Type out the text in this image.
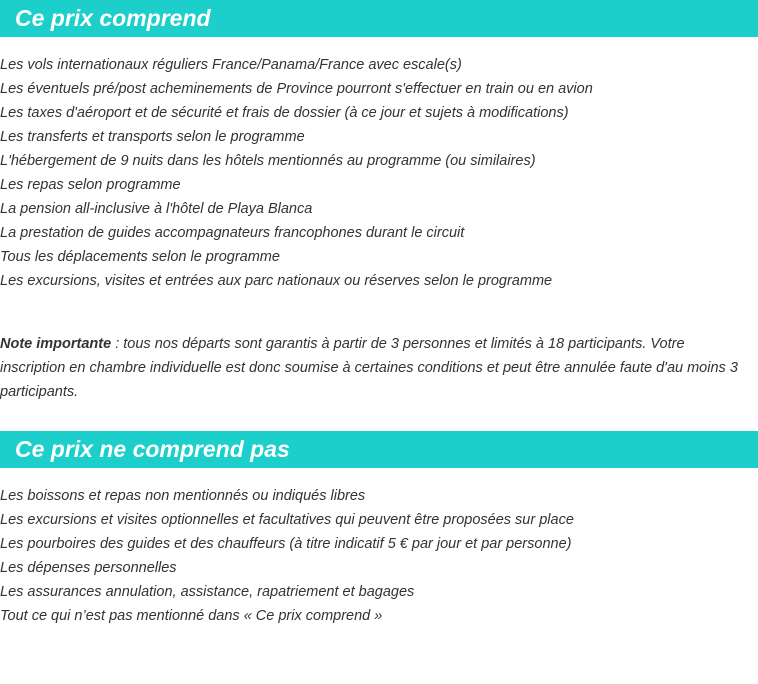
Ce prix comprend
Les vols internationaux réguliers France/Panama/France avec escale(s)
Les éventuels pré/post acheminements de Province pourront s'effectuer en train ou en avion
Les taxes d'aéroport et de sécurité et frais de dossier (à ce jour et sujets à modifications)
Les transferts et transports selon le programme
L'hébergement de 9 nuits dans les hôtels mentionnés au programme (ou similaires)
Les repas selon programme
La pension all-inclusive à l'hôtel de Playa Blanca
La prestation de guides accompagnateurs francophones durant le circuit
Tous les déplacements selon le programme
Les excursions, visites et entrées aux parc nationaux ou réserves selon le programme
Note importante : tous nos départs sont garantis à partir de 3 personnes et limités à 18 participants. Votre inscription en chambre individuelle est donc soumise à certaines conditions et peut être annulée faute d'au moins 3 participants.
Ce prix ne comprend pas
Les boissons et repas non mentionnés ou indiqués libres
Les excursions et visites optionnelles et facultatives qui peuvent être proposées sur place
Les pourboires des guides et des chauffeurs (à titre indicatif 5 € par jour et par personne)
Les dépenses personnelles
Les assurances annulation, assistance, rapatriement et bagages
Tout ce qui n’est pas mentionné dans « Ce prix comprend »
